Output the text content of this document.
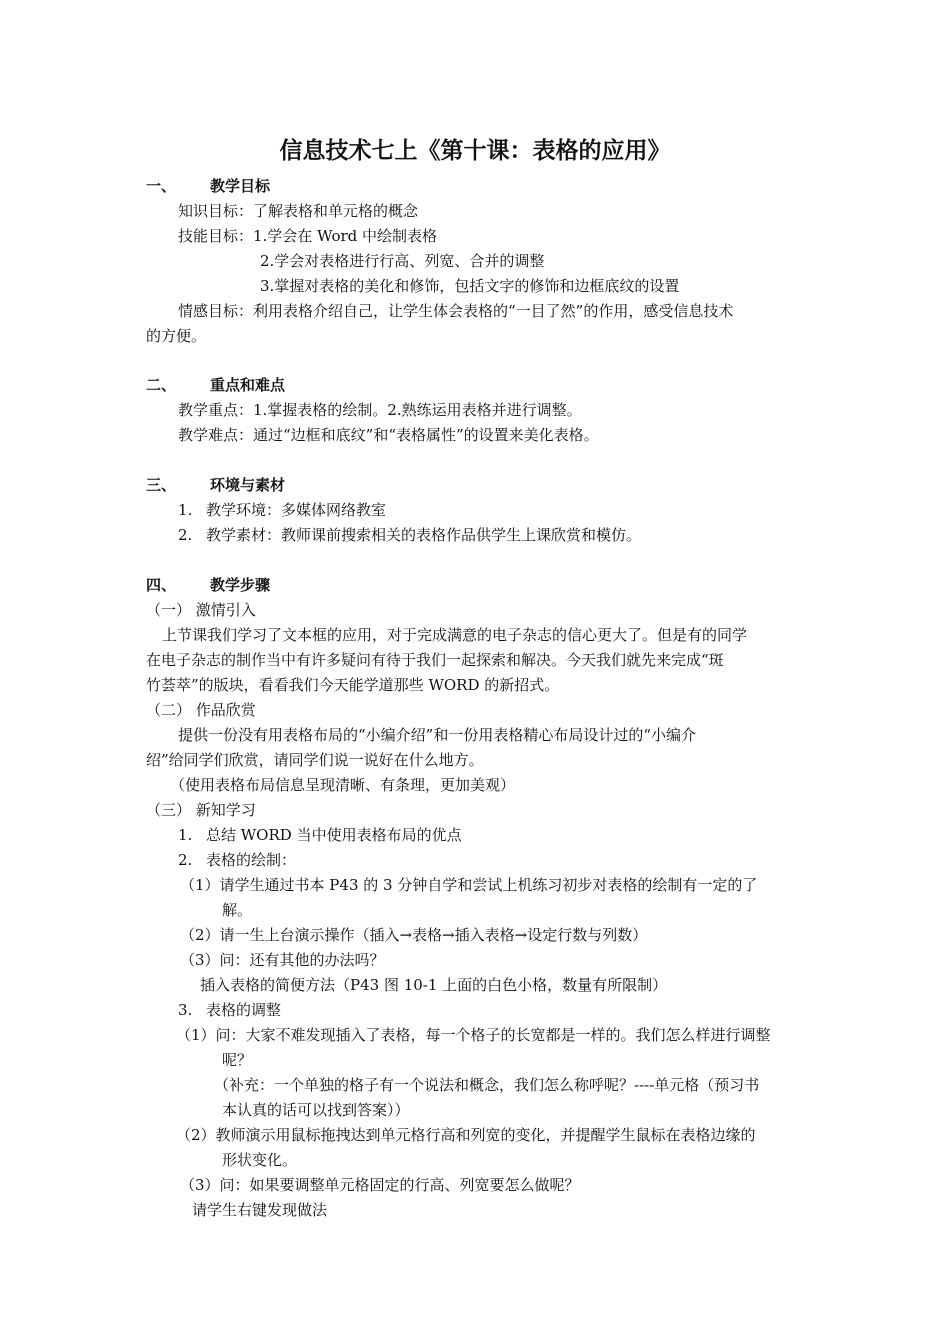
信息技术七上《第十课：表格的应用》
一、 教学目标
知识目标：了解表格和单元格的概念
技能目标：1.学会在 Word 中绘制表格
2.学会对表格进行行高、列宽、合并的调整
3.掌握对表格的美化和修饰，包括文字的修饰和边框底纹的设置
情感目标：利用表格介绍自己，让学生体会表格的“一目了然”的作用，感受信息技术
的方便。
二、 重点和难点
教学重点：1.掌握表格的绘制。2.熟练运用表格并进行调整。
教学难点：通过“边框和底纹”和“表格属性”的设置来美化表格。
三、 环境与素材
1. 教学环境：多媒体网络教室
2. 教学素材：教师课前搜索相关的表格作品供学生上课欣赏和模仿。
四、 教学步骤
（一） 激情引入
上节课我们学习了文本框的应用，对于完成满意的电子杂志的信心更大了。但是有的同学
在电子杂志的制作当中有许多疑问有待于我们一起探索和解决。今天我们就先来完成“斑
竹荟萃”的版块，看看我们今天能学道那些 WORD 的新招式。
（二） 作品欣赏
提供一份没有用表格布局的“小编介绍”和一份用表格精心布局设计过的“小编介
绍”给同学们欣赏，请同学们说一说好在什么地方。
（使用表格布局信息呈现清晰、有条理，更加美观）
（三） 新知学习
1. 总结 WORD 当中使用表格布局的优点
2. 表格的绘制：
（1）请学生通过书本 P43 的 3 分钟自学和尝试上机练习初步对表格的绘制有一定的了
解。
（2）请一生上台演示操作（插入→表格→插入表格→设定行数与列数）
（3）问：还有其他的办法吗？
插入表格的简便方法（P43 图 10-1 上面的白色小格，数量有所限制）
3. 表格的调整
（1）问：大家不难发现插入了表格，每一个格子的长宽都是一样的。我们怎么样进行调整
呢？
（补充：一个单独的格子有一个说法和概念，我们怎么称呼呢？----单元格（预习书
本认真的话可以找到答案））
（2）教师演示用鼠标拖拽达到单元格行高和列宽的变化，并提醒学生鼠标在表格边缘的
形状变化。
（3）问：如果要调整单元格固定的行高、列宽要怎么做呢？
请学生右键发现做法
